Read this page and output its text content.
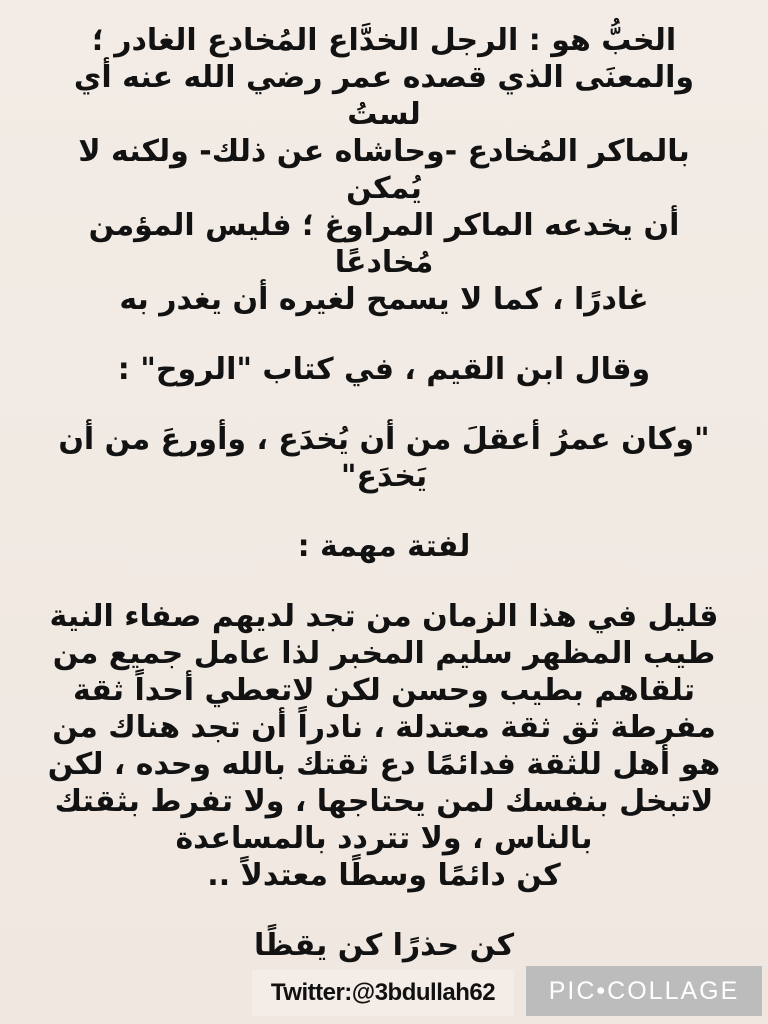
الخبُّ هو : الرجل الخدَّاع المُخادع الغادر ؛
والمعنَى الذي قصده عمر رضي الله عنه أي لستُ
بالماكر المُخادع -وحاشاه عن ذلك- ولكنه لا يُمكن
أن يخدعه الماكر المراوغ ؛ فليس المؤمن مُخادعًا
غادرًا ، كما لا يسمح لغيره أن يغدر به

وقال ابن القيم ، في كتاب "الروح" :

"وكان عمرُ أعقلَ من أن يُخدَع ، وأورعَ من أن
يَخدَع"

لفتة مهمة :

قليل في هذا الزمان من تجد لديهم صفاء النية
طيب المظهر سليم المخبر لذا عامل جميع من
تلقاهم بطيب وحسن لكن لاتعطي أحداً ثقة
مفرطة ثق ثقة معتدلة ، نادراً أن تجد هناك من
هو أهل للثقة فدائمًا دع ثقتك بالله وحده ، لكن
لاتبخل بنفسك لمن يحتاجها ، ولا تفرط بثقتك
بالناس ، ولا تتردد بالمساعدة
كن دائمًا وسطًا معتدلاً ..

كن حذرًا كن يقظًا

Twitter:@3bdullah62	PIC•COLLAGE
